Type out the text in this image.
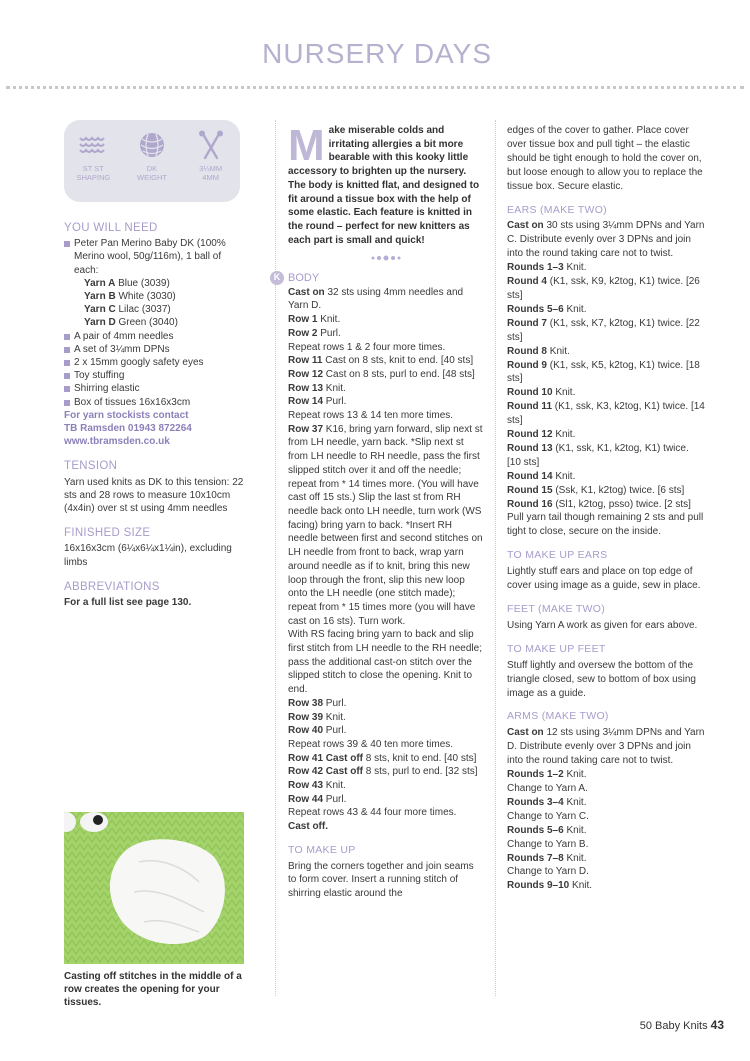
NURSERY DAYS
ST ST
SHAPING
DK
WEIGHT
3¼MM
4MM
YOU WILL NEED
Peter Pan Merino Baby DK (100% Merino wool, 50g/116m), 1 ball of each:
Yarn A Blue (3039)
Yarn B White (3030)
Yarn C Lilac (3037)
Yarn D Green (3040)
A pair of 4mm needles
A set of 3¼mm DPNs
2 x 15mm googly safety eyes
Toy stuffing
Shirring elastic
Box of tissues 16x16x3cm
For yarn stockists contact
TB Ramsden 01943 872264
www.tbramsden.co.uk
TENSION

Yarn used knits as DK to this tension: 22 sts and 28 rows to measure 10x10cm (4x4in) over st st using 4mm needles

FINISHED SIZE

16x16x3cm (6¼x6¼x1¼in), excluding limbs

ABBREVIATIONS

For a full list see page 130.

Casting off stitches in the middle of a row creates the opening for your tissues.
Make miserable colds and irritating allergies a bit more bearable with this kooky little accessory to brighten up the nursery. The body is knitted flat, and designed to fit around a tissue box with the help of some elastic. Each feature is knitted in the round – perfect for new knitters as each part is small and quick!
K BODY

Cast on 32 sts using 4mm needles and Yarn D.

Row 1 Knit.

Row 2 Purl.

Repeat rows 1 & 2 four more times.

Row 11 Cast on 8 sts, knit to end. [40 sts]

Row 12 Cast on 8 sts, purl to end. [48 sts]

Row 13 Knit.

Row 14 Purl.

Repeat rows 13 & 14 ten more times.

Row 37 K16, bring yarn forward, slip next st from LH needle, yarn back. *Slip next st from LH needle to RH needle, pass the first slipped stitch over it and off the needle; repeat from * 14 times more. (You will have cast off 15 sts.) Slip the last st from RH needle back onto LH needle, turn work (WS facing) bring yarn to back. *Insert RH needle between first and second stitches on LH needle from front to back, wrap yarn around needle as if to knit, bring this new loop through the front, slip this new loop onto the LH needle (one stitch made); repeat from * 15 times more (you will have cast on 16 sts). Turn work.

With RS facing bring yarn to back and slip first stitch from LH needle to the RH needle; pass the additional cast-on stitch over the slipped stitch to close the opening. Knit to end.

Row 38 Purl.

Row 39 Knit.

Row 40 Purl.

Repeat rows 39 & 40 ten more times.

Row 41 Cast off 8 sts, knit to end. [40 sts]

Row 42 Cast off 8 sts, purl to end. [32 sts]

Row 43 Knit.

Row 44 Purl.

Repeat rows 43 & 44 four more times.

Cast off.

TO MAKE UP

Bring the corners together and join seams to form cover. Insert a running stitch of shirring elastic around the

edges of the cover to gather. Place cover over tissue box and pull tight – the elastic should be tight enough to hold the cover on, but loose enough to allow you to replace the tissue box. Secure elastic.

EARS (MAKE TWO)

Cast on 30 sts using 3¼mm DPNs and Yarn C. Distribute evenly over 3 DPNs and join into the round taking care not to twist.

Rounds 1–3 Knit.

Round 4 (K1, ssk, K9, k2tog, K1) twice. [26 sts]

Rounds 5–6 Knit.

Round 7 (K1, ssk, K7, k2tog, K1) twice. [22 sts]

Round 8 Knit.

Round 9 (K1, ssk, K5, k2tog, K1) twice. [18 sts]

Round 10 Knit.

Round 11 (K1, ssk, K3, k2tog, K1) twice. [14 sts]

Round 12 Knit.

Round 13 (K1, ssk, K1, k2tog, K1) twice. [10 sts]

Round 14 Knit.

Round 15 (Ssk, K1, k2tog) twice. [6 sts]

Round 16 (Sl1, k2tog, psso) twice. [2 sts]

Pull yarn tail though remaining 2 sts and pull tight to close, secure on the inside.

TO MAKE UP EARS

Lightly stuff ears and place on top edge of cover using image as a guide, sew in place.

FEET (MAKE TWO)

Using Yarn A work as given for ears above.

TO MAKE UP FEET

Stuff lightly and oversew the bottom of the triangle closed, sew to bottom of box using image as a guide.

ARMS (MAKE TWO)

Cast on 12 sts using 3¼mm DPNs and Yarn D. Distribute evenly over 3 DPNs and join into the round taking care not to twist.

Rounds 1–2 Knit.

Change to Yarn A.

Rounds 3–4 Knit.

Change to Yarn C.

Rounds 5–6 Knit.

Change to Yarn B.

Rounds 7–8 Knit.

Change to Yarn D.

Rounds 9–10 Knit.

50 Baby Knits 43
